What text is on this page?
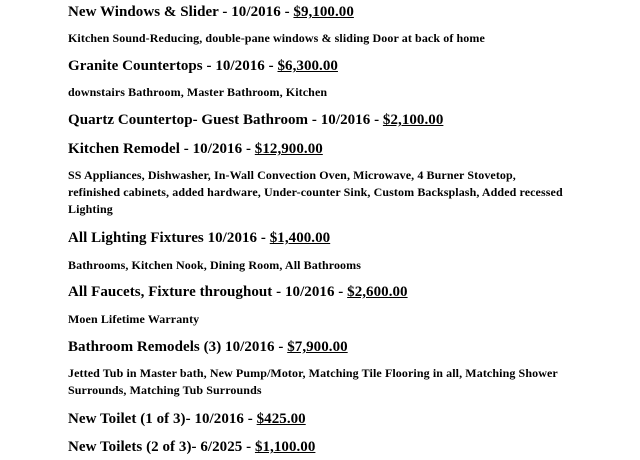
New Windows & Slider - 10/2016 - $9,100.00
Kitchen Sound-Reducing, double-pane windows & sliding Door at back of home
Granite Countertops - 10/2016 - $6,300.00
downstairs Bathroom, Master Bathroom, Kitchen
Quartz Countertop- Guest Bathroom - 10/2016 - $2,100.00
Kitchen Remodel - 10/2016 - $12,900.00
SS Appliances, Dishwasher, In-Wall Convection Oven, Microwave, 4 Burner Stovetop, refinished cabinets, added hardware, Under-counter Sink, Custom Backsplash, Added recessed Lighting
All Lighting Fixtures 10/2016 - $1,400.00
Bathrooms, Kitchen Nook, Dining Room, All Bathrooms
All Faucets, Fixture throughout - 10/2016 - $2,600.00
Moen Lifetime Warranty
Bathroom Remodels (3) 10/2016 - $7,900.00
Jetted Tub in Master bath, New Pump/Motor, Matching Tile Flooring in all, Matching Shower Surrounds, Matching Tub Surrounds
New Toilet (1 of 3)- 10/2016 - $425.00
New Toilets (2 of 3)- 6/2025 - $1,100.00
